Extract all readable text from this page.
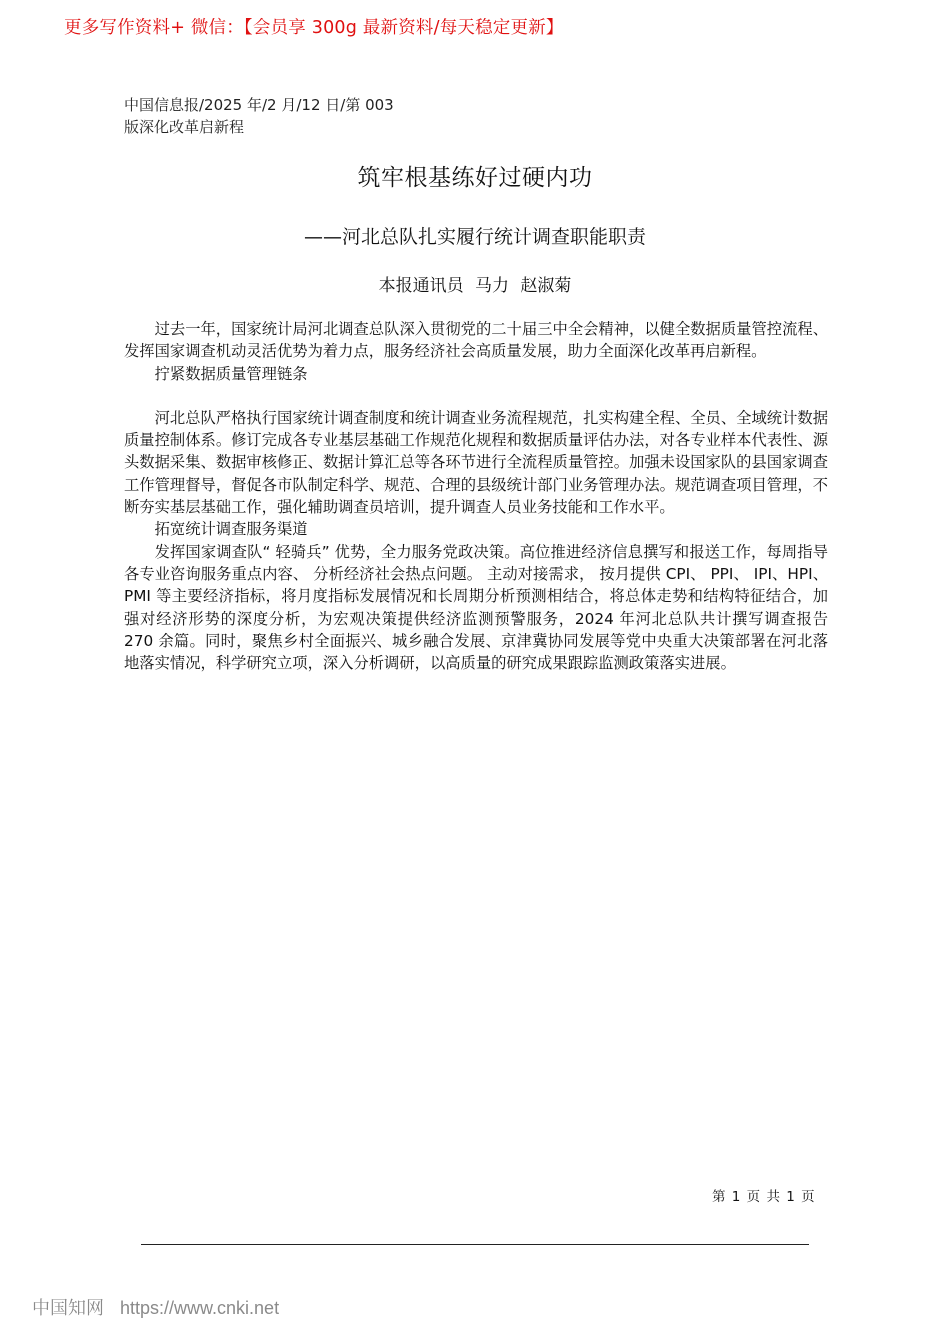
更多写作资料+ 微信：【会员享 300g 最新资料/每天稳定更新】
中国信息报/2025 年/2 月/12 日/第 003
版深化改革启新程
筑牢根基练好过硬内功
——河北总队扎实履行统计调查职能职责
本报通讯员 马力 赵淑菊

过去一年，国家统计局河北调查总队深入贯彻党的二十届三中全会精神，以健全数据质量管控流程、发挥国家调查机动灵活优势为着力点，服务经济社会高质量发展，助力全面深化改革再启新程。

拧紧数据质量管理链条

河北总队严格执行国家统计调查制度和统计调查业务流程规范，扎实构建全程、全员、全域统计数据质量控制体系。修订完成各专业基层基础工作规范化规程和数据质量评估办法，对各专业样本代表性、源头数据采集、数据审核修正、数据计算汇总等各环节进行全流程质量管控。加强未设国家队的县国家调查工作管理督导，督促各市队制定科学、规范、合理的县级统计部门业务管理办法。规范调查项目管理，不断夯实基层基础工作，强化辅助调查员培训，提升调查人员业务技能和工作水平。

拓宽统计调查服务渠道

发挥国家调查队“ 轻骑兵” 优势，全力服务党政决策。高位推进经济信息撰写和报送工作，每周指导各专业咨询服务重点内容、 分析经济社会热点问题。 主动对接需求， 按月提供 CPI、 PPI、 IPI、HPI、PMI 等主要经济指标，将月度指标发展情况和长周期分析预测相结合，将总体走势和结构特征结合，加强对经济形势的深度分析，为宏观决策提供经济监测预警服务，2024 年河北总队共计撰写调查报告 270 余篇。同时，聚焦乡村全面振兴、城乡融合发展、京津冀协同发展等党中央重大决策部署在河北落地落实情况，科学研究立项，深入分析调研，以高质量的研究成果跟踪监测政策落实进展。

第 1 页 共 1 页
中国知网 https://www.cnki.net
